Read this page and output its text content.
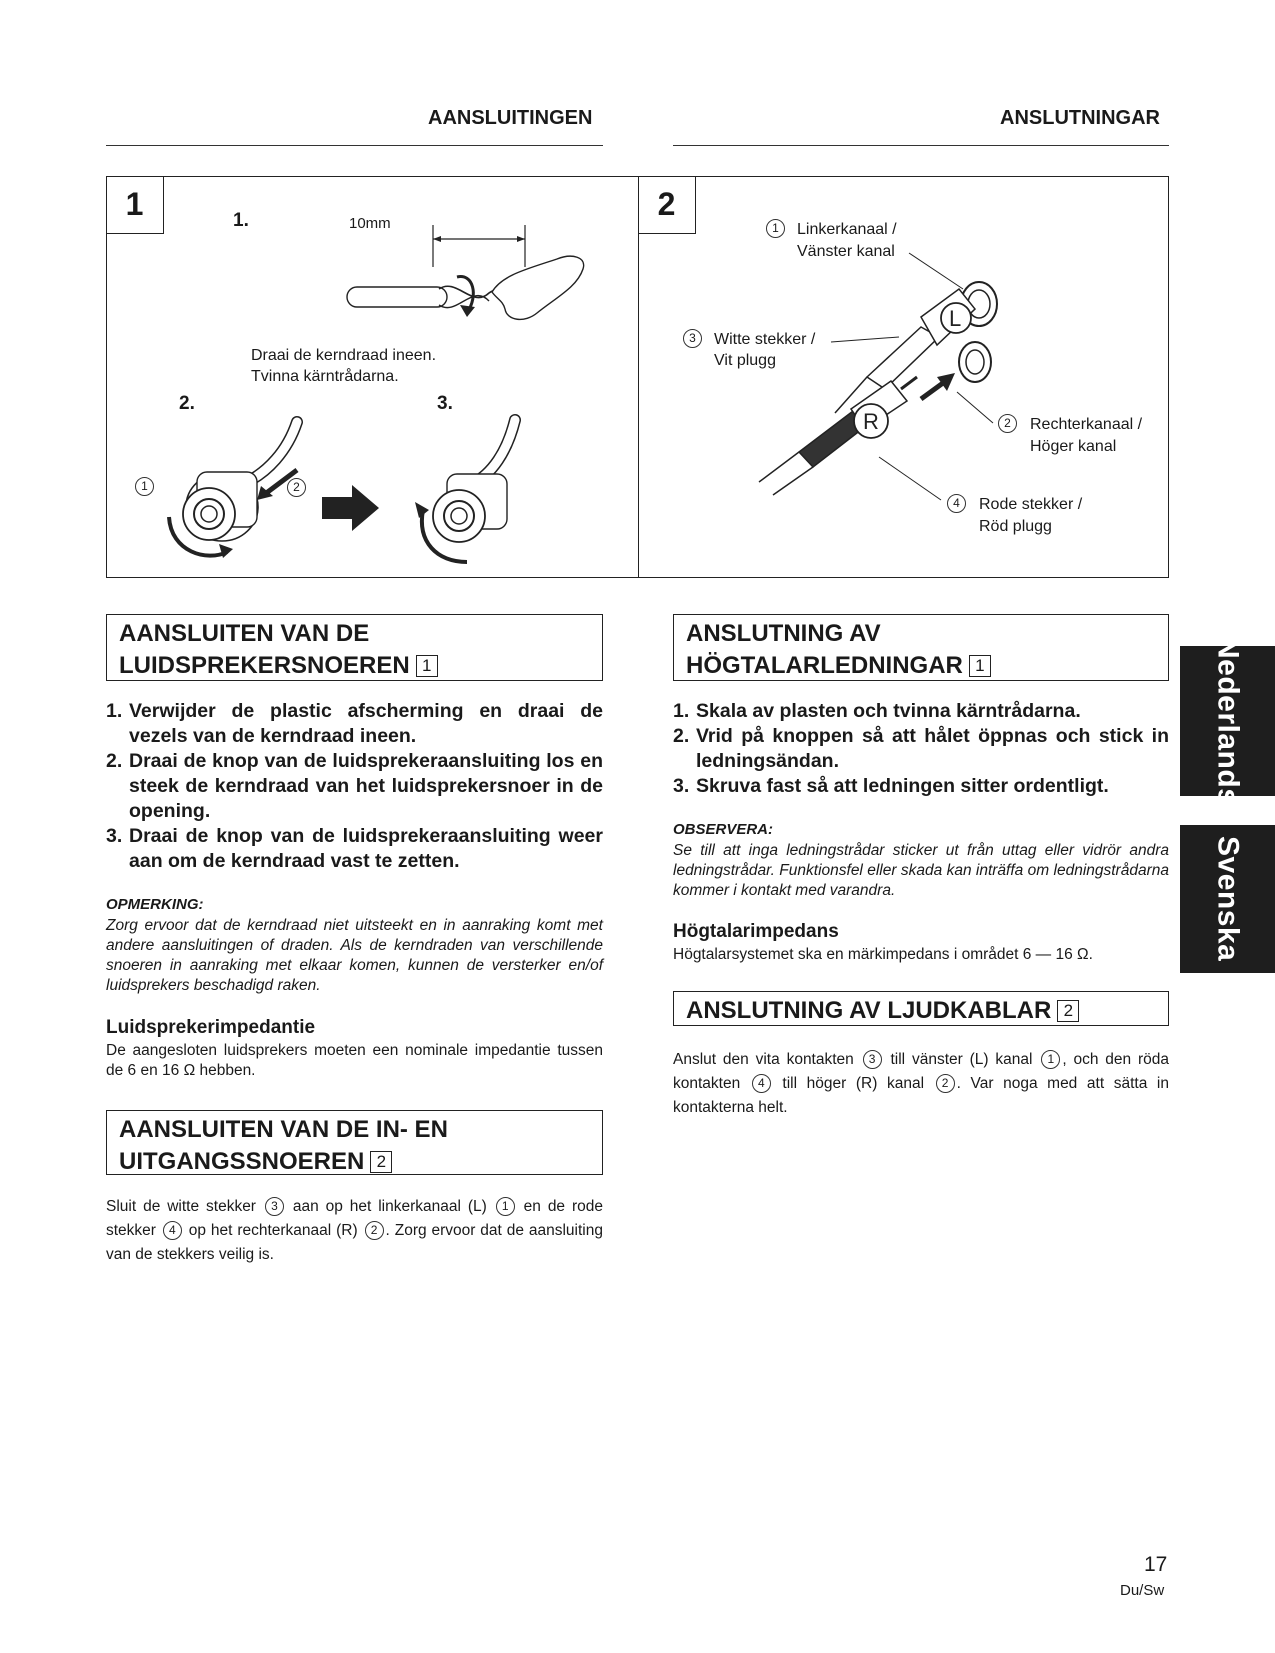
AANSLUITINGEN	ANSLUTNINGAR
1	1.	10mm
Draai de kerndraad ineen.
Tvinna kärntrådarna.
2.	3.
1	2
2
1	Linkerkanaal /
Vänster kanal
3	Witte stekker /
Vit plugg
2	Rechterkanaal /
Höger kanal
4	Rode stekker /
Röd plugg
L
R
AANSLUITEN VAN DE
LUIDSPREKERSNOEREN 1
1. Verwijder de plastic afscherming en draai de vezels van de kerndraad ineen.
2. Draai de knop van de luidsprekeraansluiting los en steek de kerndraad van het luidsprekersnoer in de opening.
3. Draai de knop van de luidsprekeraansluiting weer aan om de kerndraad vast te zetten.
OPMERKING:
Zorg ervoor dat de kerndraad niet uitsteekt en in aanraking komt met andere aansluitingen of draden. Als de kerndraden van verschillende snoeren in aanraking met elkaar komen, kunnen de versterker en/of luidsprekers beschadigd raken.
Luidsprekerimpedantie
De aangesloten luidsprekers moeten een nominale impedantie tussen de 6 en 16 Ω hebben.
AANSLUITEN VAN DE IN- EN
UITGANGSSNOEREN 2
Sluit de witte stekker 3 aan op het linkerkanaal (L) 1 en de rode stekker 4 op het rechterkanaal (R) 2 . Zorg ervoor dat de aansluiting van de stekkers veilig is.
ANSLUTNING AV
HÖGTALARLEDNINGAR 1
1. Skala av plasten och tvinna kärntrådarna.
2. Vrid på knoppen så att hålet öppnas och stick in ledningsändan.
3. Skruva fast så att ledningen sitter ordentligt.
OBSERVERA:
Se till att inga ledningstrådar sticker ut från uttag eller vidrör andra ledningstrådar. Funktionsfel eller skada kan inträffa om ledningstrådarna kommer i kontakt med varandra.
Högtalarimpedans
Högtalarsystemet ska en märkimpedans i området 6 — 16 Ω.
ANSLUTNING AV LJUDKABLAR 2
Anslut den vita kontakten 3 till vänster (L) kanal 1 , och den röda kontakten 4 till höger (R) kanal 2 . Var noga med att sätta in kontakterna helt.
Nederlands
Svenska
17
Du/Sw
